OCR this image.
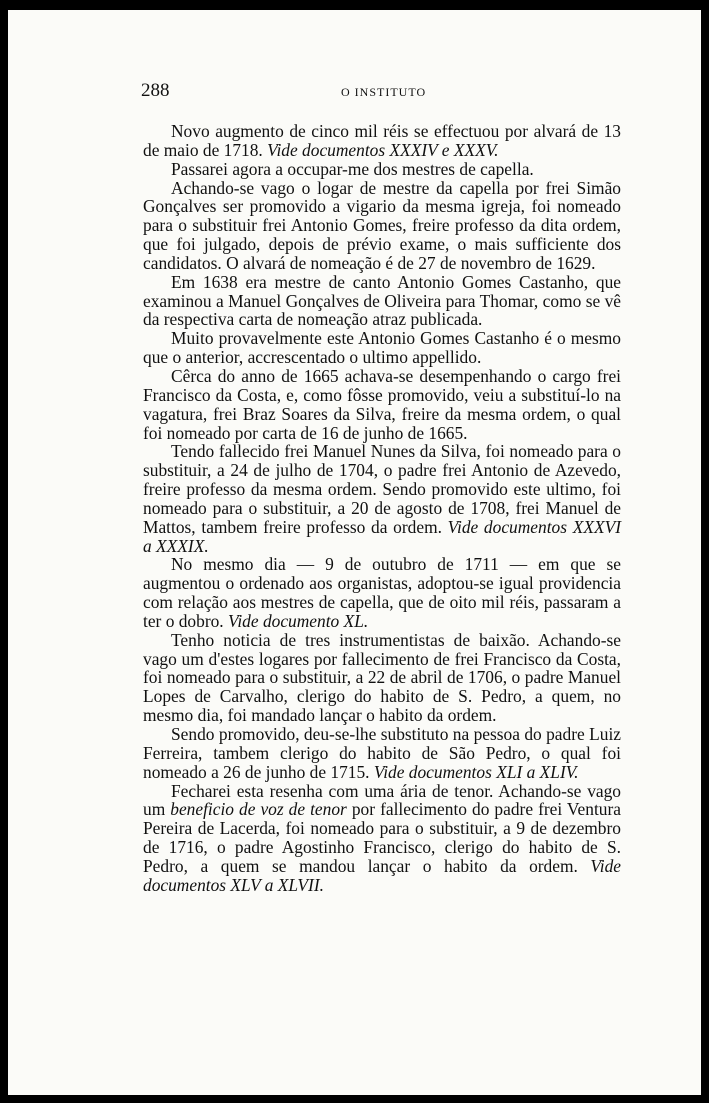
288	O INSTITUTO

Novo augmento de cinco mil réis se effectuou por alvará de 13 de maio de 1718. Vide documentos XXXIV e XXXV.

Passarei agora a occupar-me dos mestres de capella.

Achando-se vago o logar de mestre da capella por frei Simão Gonçalves ser promovido a vigario da mesma igreja, foi nomeado para o substituir frei Antonio Gomes, freire professo da dita ordem, que foi julgado, depois de prévio exame, o mais sufficiente dos candidatos. O alvará de nomeação é de 27 de novembro de 1629.

Em 1638 era mestre de canto Antonio Gomes Castanho, que examinou a Manuel Gonçalves de Oliveira para Thomar, como se vê da respectiva carta de nomeação atraz publicada.

Muito provavelmente este Antonio Gomes Castanho é o mesmo que o anterior, accrescentado o ultimo appellido.

Cêrca do anno de 1665 achava-se desempenhando o cargo frei Francisco da Costa, e, como fôsse promovido, veiu a substituí-lo na vagatura, frei Braz Soares da Silva, freire da mesma ordem, o qual foi nomeado por carta de 16 de junho de 1665.

Tendo fallecido frei Manuel Nunes da Silva, foi nomeado para o substituir, a 24 de julho de 1704, o padre frei Antonio de Azevedo, freire professo da mesma ordem. Sendo promovido este ultimo, foi nomeado para o substituir, a 20 de agosto de 1708, frei Manuel de Mattos, tambem freire professo da ordem. Vide documentos XXXVI a XXXIX.

No mesmo dia — 9 de outubro de 1711 — em que se augmentou o ordenado aos organistas, adoptou-se igual providencia com relação aos mestres de capella, que de oito mil réis, passaram a ter o dobro. Vide documento XL.

Tenho noticia de tres instrumentistas de baixão. Achando-se vago um d'estes logares por fallecimento de frei Francisco da Costa, foi nomeado para o substituir, a 22 de abril de 1706, o padre Manuel Lopes de Carvalho, clerigo do habito de S. Pedro, a quem, no mesmo dia, foi mandado lançar o habito da ordem.

Sendo promovido, deu-se-lhe substituto na pessoa do padre Luiz Ferreira, tambem clerigo do habito de São Pedro, o qual foi nomeado a 26 de junho de 1715. Vide documentos XLI a XLIV.

Fecharei esta resenha com uma ária de tenor. Achando-se vago um beneficio de voz de tenor por fallecimento do padre frei Ventura Pereira de Lacerda, foi nomeado para o substituir, a 9 de dezembro de 1716, o padre Agostinho Francisco, clerigo do habito de S. Pedro, a quem se mandou lançar o habito da ordem. Vide documentos XLV a XLVII.
